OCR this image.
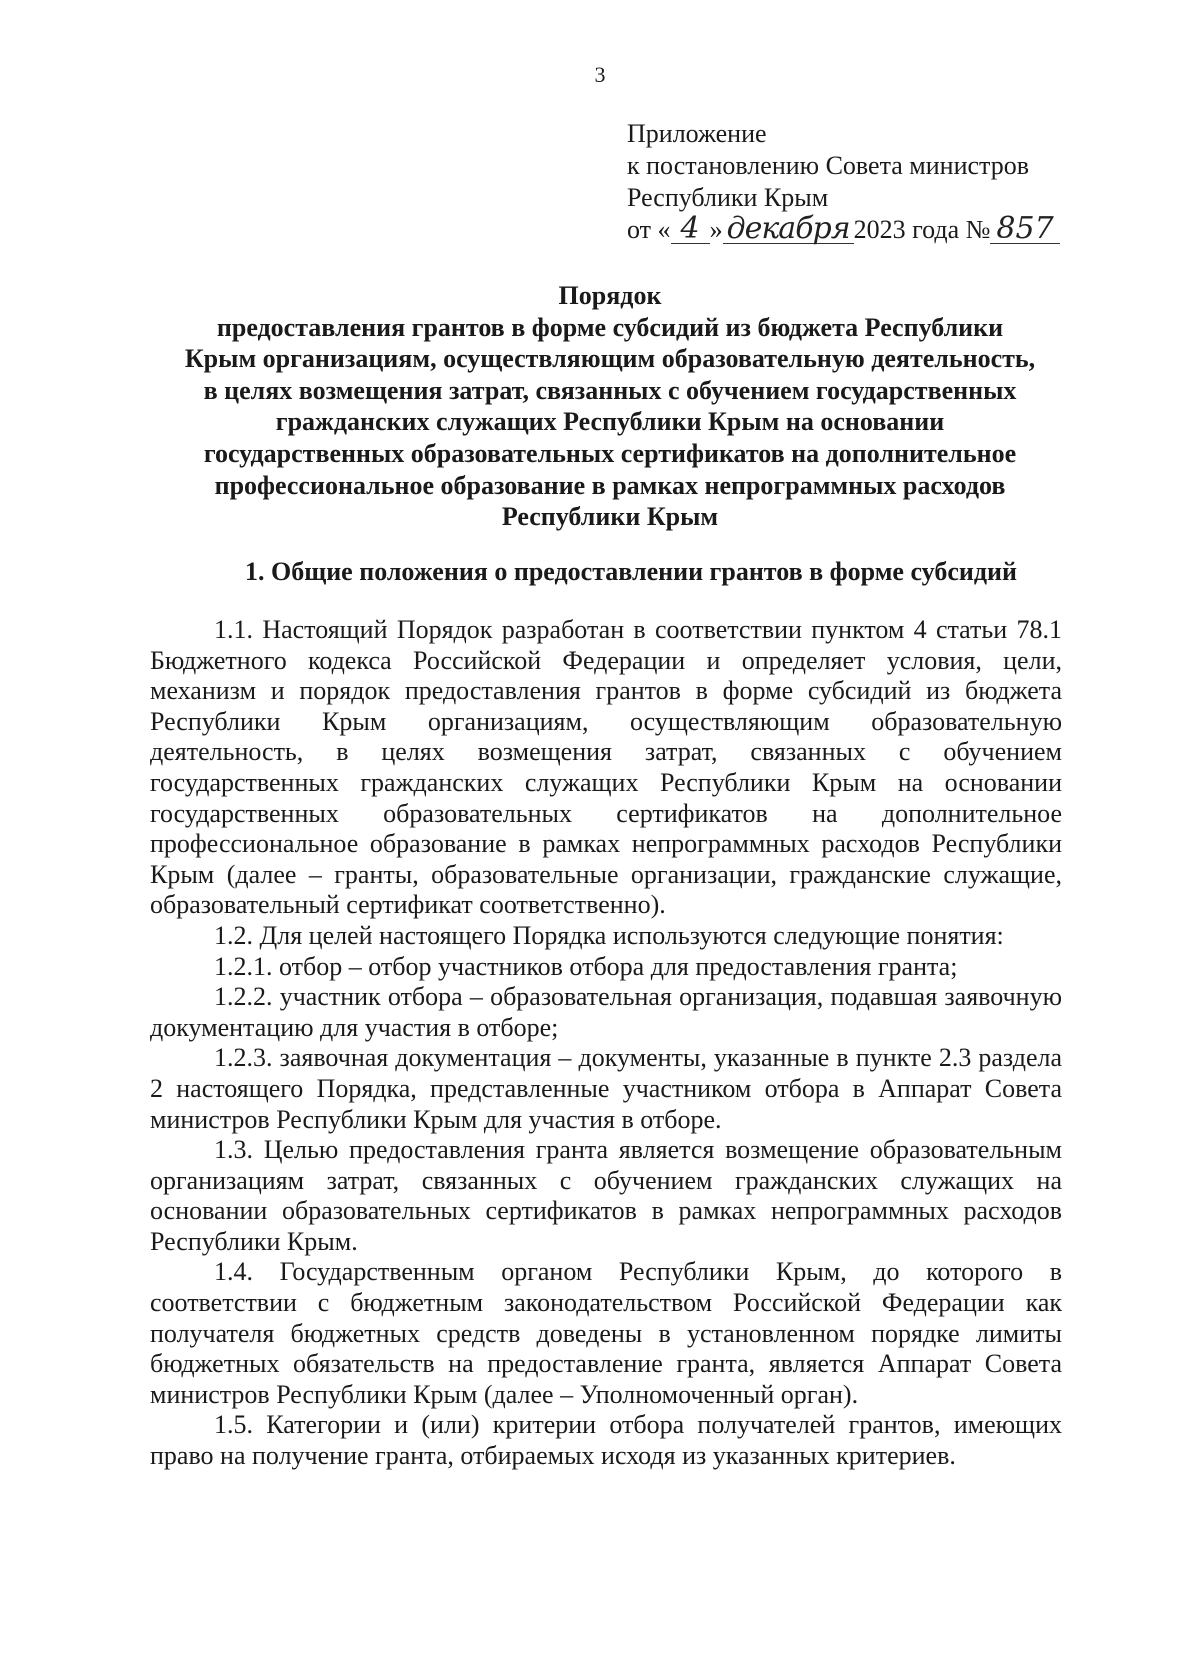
3
Приложение
к постановлению Совета министров
Республики Крым
от « 4 » декабря 2023 года № 857
Порядок
предоставления грантов в форме субсидий из бюджета Республики
Крым организациям, осуществляющим образовательную деятельность,
в целях возмещения затрат, связанных с обучением государственных
гражданских служащих Республики Крым на основании
государственных образовательных сертификатов на дополнительное
профессиональное образование в рамках непрограммных расходов
Республики Крым
1. Общие положения о предоставлении грантов в форме субсидий

1.1. Настоящий Порядок разработан в соответствии пунктом 4 статьи 78.1 Бюджетного кодекса Российской Федерации и определяет условия, цели, механизм и порядок предоставления грантов в форме субсидий из бюджета Республики Крым организациям, осуществляющим образовательную деятельность, в целях возмещения затрат, связанных с обучением государственных гражданских служащих Республики Крым на основании государственных образовательных сертификатов на дополнительное профессиональное образование в рамках непрограммных расходов Республики Крым (далее – гранты, образовательные организации, гражданские служащие, образовательный сертификат соответственно).

1.2. Для целей настоящего Порядка используются следующие понятия:

1.2.1. отбор – отбор участников отбора для предоставления гранта;

1.2.2. участник отбора – образовательная организация, подавшая заявочную документацию для участия в отборе;

1.2.3. заявочная документация – документы, указанные в пункте 2.3 раздела 2 настоящего Порядка, представленные участником отбора в Аппарат Совета министров Республики Крым для участия в отборе.

1.3. Целью предоставления гранта является возмещение образовательным организациям затрат, связанных с обучением гражданских служащих на основании образовательных сертификатов в рамках непрограммных расходов Республики Крым.

1.4. Государственным органом Республики Крым, до которого в соответствии с бюджетным законодательством Российской Федерации как получателя бюджетных средств доведены в установленном порядке лимиты бюджетных обязательств на предоставление гранта, является Аппарат Совета министров Республики Крым (далее – Уполномоченный орган).

1.5. Категории и (или) критерии отбора получателей грантов, имеющих право на получение гранта, отбираемых исходя из указанных критериев.
